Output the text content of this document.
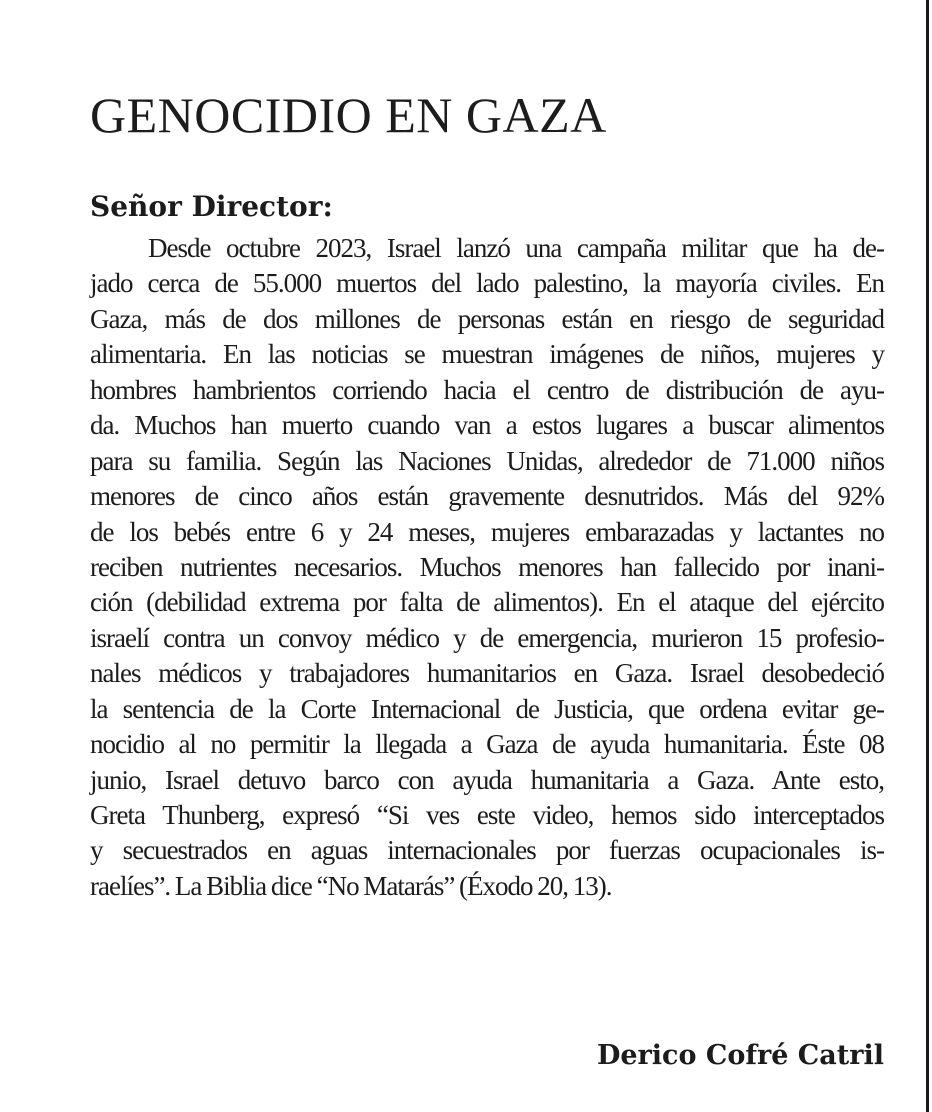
GENOCIDIO EN GAZA
Señor Director:
Desde octubre 2023, Israel lanzó una campaña militar que ha de-
jado cerca de 55.000 muertos del lado palestino, la mayoría civiles. En
Gaza, más de dos millones de personas están en riesgo de seguridad
alimentaria. En las noticias se muestran imágenes de niños, mujeres y
hombres hambrientos corriendo hacia el centro de distribución de ayu-
da. Muchos han muerto cuando van a estos lugares a buscar alimentos
para su familia. Según las Naciones Unidas, alrededor de 71.000 niños
menores de cinco años están gravemente desnutridos. Más del 92%
de los bebés entre 6 y 24 meses, mujeres embarazadas y lactantes no
reciben nutrientes necesarios. Muchos menores han fallecido por inani-
ción (debilidad extrema por falta de alimentos). En el ataque del ejército
israelí contra un convoy médico y de emergencia, murieron 15 profesio-
nales médicos y trabajadores humanitarios en Gaza. Israel desobedeció
la sentencia de la Corte Internacional de Justicia, que ordena evitar ge-
nocidio al no permitir la llegada a Gaza de ayuda humanitaria. Éste 08
junio, Israel detuvo barco con ayuda humanitaria a Gaza. Ante esto,
Greta Thunberg, expresó “Si ves este video, hemos sido interceptados
y secuestrados en aguas internacionales por fuerzas ocupacionales is-
raelíes”. La Biblia dice “No Matarás” (Éxodo 20, 13).
Derico Cofré Catril
